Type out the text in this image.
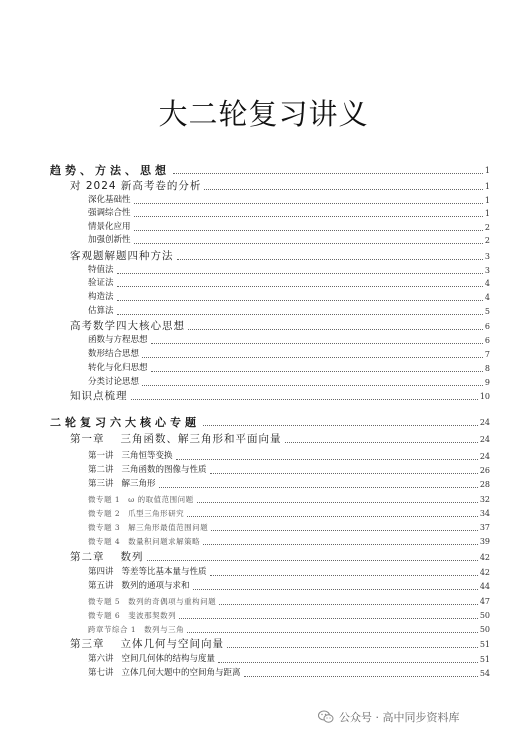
大二轮复习讲义
趋势、方法、思想	1
对 2024 新高考卷的分析	1
深化基础性	1
强调综合性	1
情景化应用	2
加强创新性	2
客观题解题四种方法	3
特值法	3
验证法	4
构造法	4
估算法	5
高考数学四大核心思想	6
函数与方程思想	6
数形结合思想	7
转化与化归思想	8
分类讨论思想	9
知识点梳理	10
二轮复习六大核心专题	24
第一章 三角函数、解三角形和平面向量	24
第一讲 三角恒等变换	24
第二讲 三角函数的图像与性质	26
第三讲 解三角形	28
微专题 1 ω 的取值范围问题	32
微专题 2 爪型三角形研究	34
微专题 3 解三角形最值范围问题	37
微专题 4 数量积问题求解策略	39
第二章 数列	42
第四讲 等差等比基本量与性质	42
第五讲 数列的通项与求和	44
微专题 5 数列的奇偶项与重构问题	47
微专题 6 斐波那契数列	50
跨章节综合 1 数列与三角	50
第三章 立体几何与空间向量	51
第六讲 空间几何体的结构与度量	51
第七讲 立体几何大题中的空间角与距离	54
公众号 · 高中同步资料库
